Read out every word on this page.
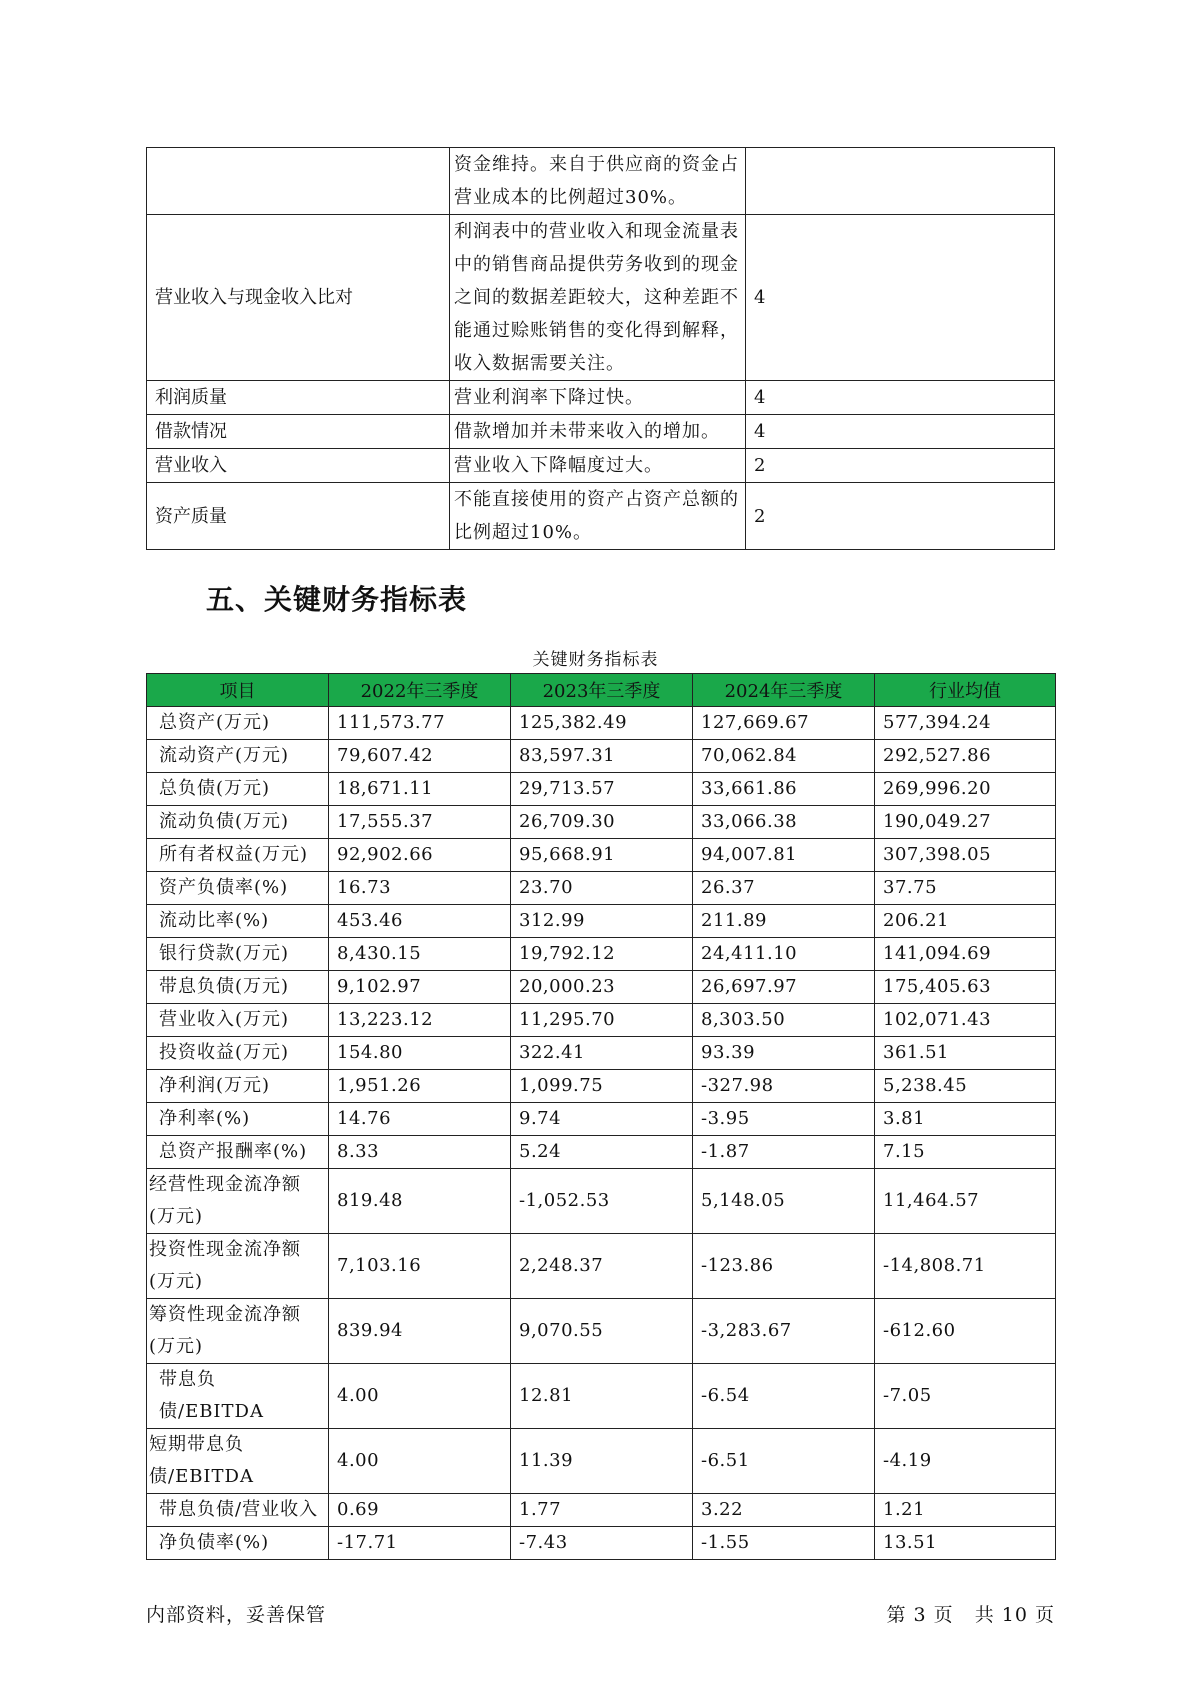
	资金维持。来自于供应商的资金占营业成本的比例超过30%。	
营业收入与现金收入比对	利润表中的营业收入和现金流量表中的销售商品提供劳务收到的现金之间的数据差距较大，这种差距不能通过赊账销售的变化得到解释，收入数据需要关注。	4
利润质量	营业利润率下降过快。	4
借款情况	借款增加并未带来收入的增加。	4
营业收入	营业收入下降幅度过大。	2
资产质量	不能直接使用的资产占资产总额的比例超过10%。	2
五、关键财务指标表
关键财务指标表
项目	2022年三季度	2023年三季度	2024年三季度	行业均值
总资产(万元)	111,573.77	125,382.49	127,669.67	577,394.24
流动资产(万元)	79,607.42	83,597.31	70,062.84	292,527.86
总负债(万元)	18,671.11	29,713.57	33,661.86	269,996.20
流动负债(万元)	17,555.37	26,709.30	33,066.38	190,049.27
所有者权益(万元)	92,902.66	95,668.91	94,007.81	307,398.05
资产负债率(%)	16.73	23.70	26.37	37.75
流动比率(%)	453.46	312.99	211.89	206.21
银行贷款(万元)	8,430.15	19,792.12	24,411.10	141,094.69
带息负债(万元)	9,102.97	20,000.23	26,697.97	175,405.63
营业收入(万元)	13,223.12	11,295.70	8,303.50	102,071.43
投资收益(万元)	154.80	322.41	93.39	361.51
净利润(万元)	1,951.26	1,099.75	-327.98	5,238.45
净利率(%)	14.76	9.74	-3.95	3.81
总资产报酬率(%)	8.33	5.24	-1.87	7.15
经营性现金流净额(万元)	819.48	-1,052.53	5,148.05	11,464.57
投资性现金流净额(万元)	7,103.16	2,248.37	-123.86	-14,808.71
筹资性现金流净额(万元)	839.94	9,070.55	-3,283.67	-612.60
带息负债/EBITDA	4.00	12.81	-6.54	-7.05
短期带息负债/EBITDA	4.00	11.39	-6.51	-4.19
带息负债/营业收入	0.69	1.77	3.22	1.21
净负债率(%)	-17.71	-7.43	-1.55	13.51
内部资料，妥善保管	第 3 页   共 10 页
